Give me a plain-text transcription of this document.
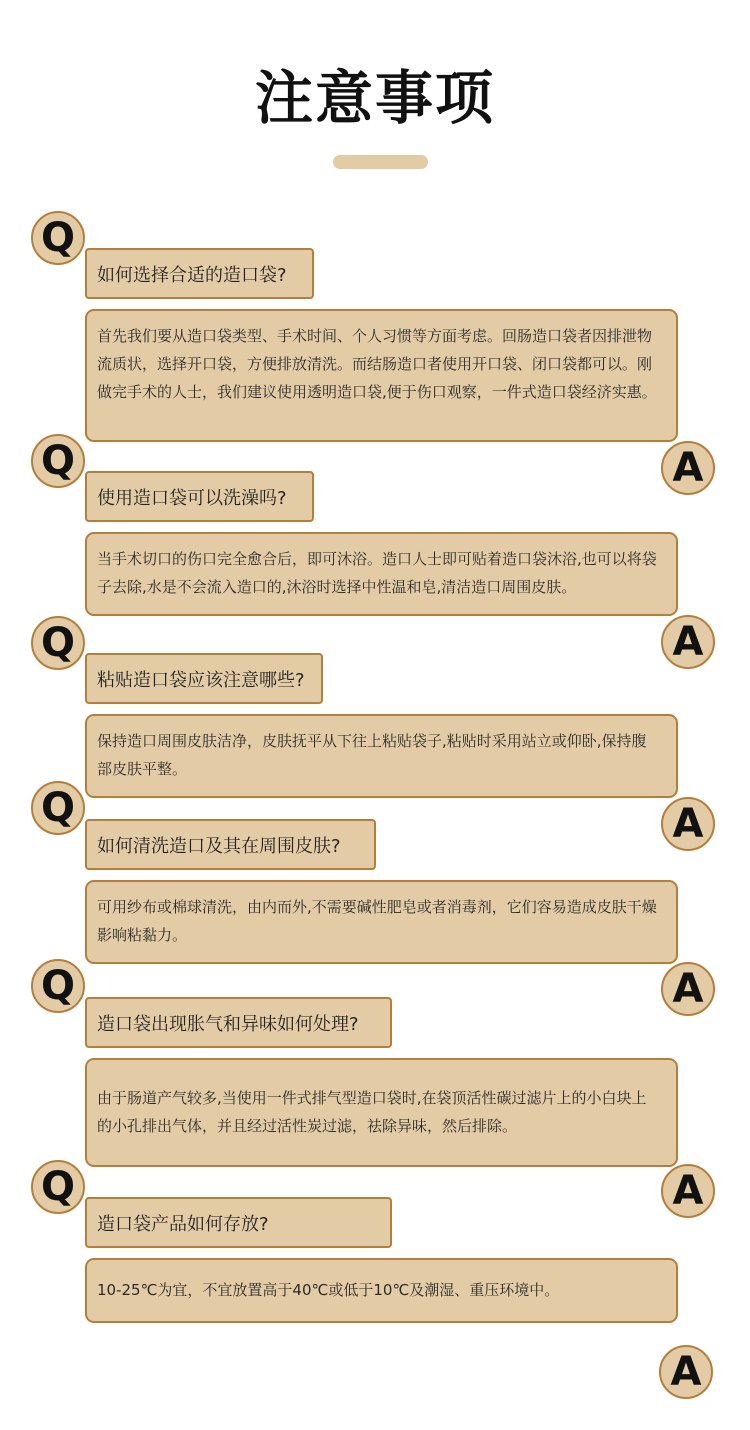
注意事项
Q
如何选择合适的造口袋?
首先我们要从造口袋类型、手术时间、个人习惯等方面考虑。回肠造口袋者因排泄物流质状，选择开口袋，方便排放清洗。而结肠造口者使用开口袋、闭口袋都可以。刚做完手术的人士，我们建议使用透明造口袋,便于伤口观察，一件式造口袋经济实惠。
A
Q
使用造口袋可以洗澡吗?
当手术切口的伤口完全愈合后，即可沐浴。造口人士即可贴着造口袋沐浴,也可以将袋子去除,水是不会流入造口的,沐浴时选择中性温和皂,清洁造口周围皮肤。
A
Q
粘贴造口袋应该注意哪些?
保持造口周围皮肤洁净，皮肤抚平从下往上粘贴袋子,粘贴时采用站立或仰卧,保持腹部皮肤平整。
A
Q
如何清洗造口及其在周围皮肤?
可用纱布或棉球清洗，由内而外,不需要碱性肥皂或者消毒剂，它们容易造成皮肤干燥影响粘黏力。
A
Q
造口袋出现胀气和异味如何处理?
由于肠道产气较多,当使用一件式排气型造口袋时,在袋顶活性碳过滤片上的小白块上的小孔排出气体，并且经过活性炭过滤，祛除异味，然后排除。
A
Q
造口袋产品如何存放?
10-25℃为宜，不宜放置高于40℃或低于10℃及潮湿、重压环境中。
A
